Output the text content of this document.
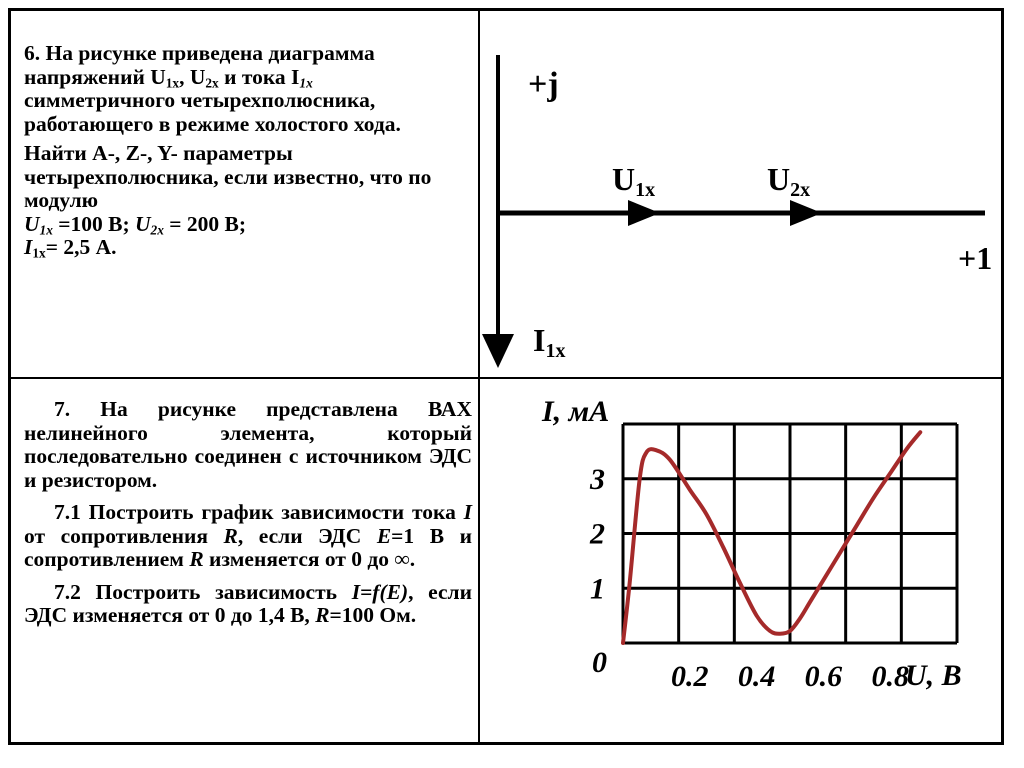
6. На рисунке приведена диаграмма напряжений $U_{1x}$, $U_{2x}$ и тока $I_{1x}$ симметричного четырехполюсника, работающего в режиме холостого хода.

Найти А-, Z-, Y- параметры четырехполюсника, если известно, что по модулю
$U_{1x} =100$ В; $U_{2x} = 200$ В;
$I_{1x}= 2,5$ А.

+j
+1
U1x	U2x
I1x

7. На рисунке представлена ВАХ нелинейного элемента, который последовательно соединен с источником ЭДС и резистором.

7.1 Построить график зависимости тока I от сопротивления R, если ЭДС E=1 В и сопротивлением R изменяется от 0 до ∞.

7.2 Построить зависимость I=f(E), если ЭДС изменяется от 0 до 1,4 В, R=100 Ом.

0.2 0.4 0.6 0.8
1
2
3
0
I, мА
U, В
